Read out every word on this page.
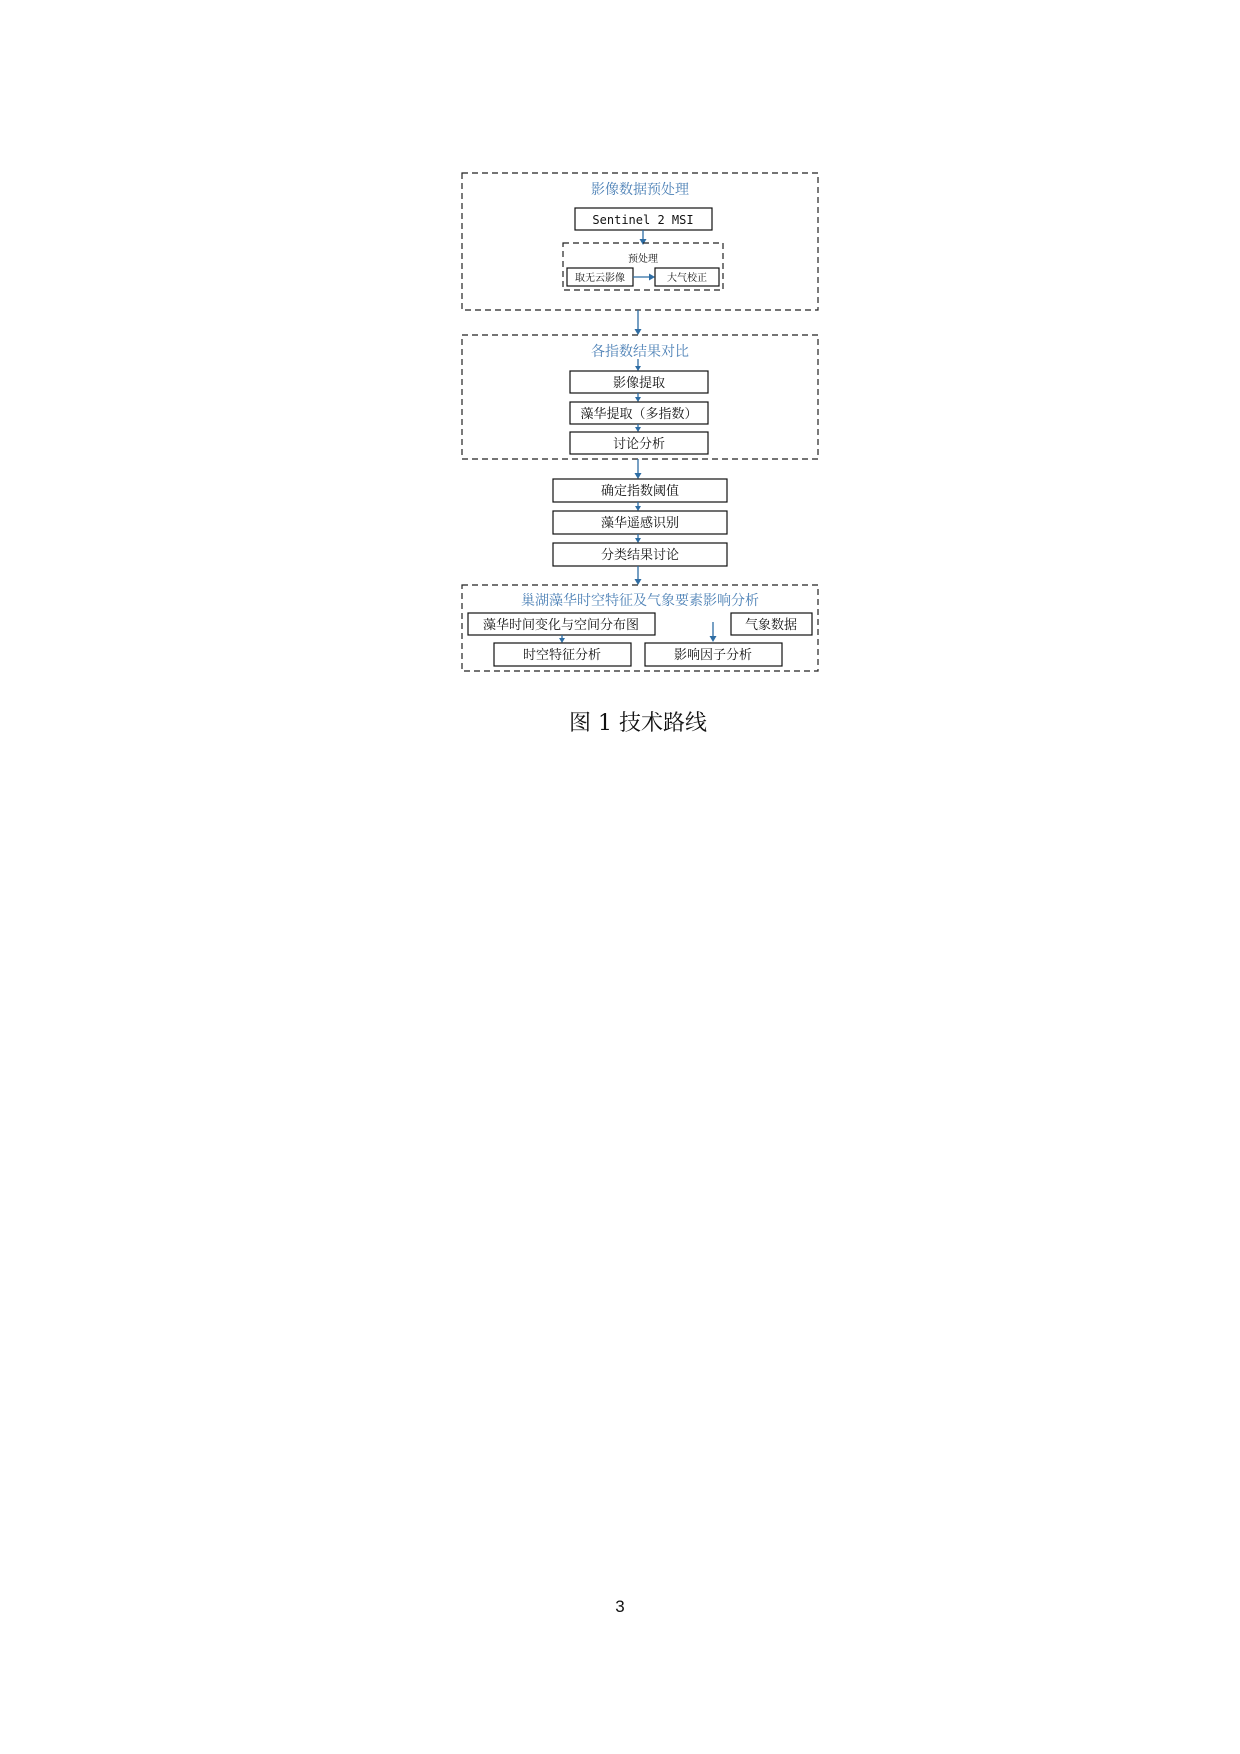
影像数据预处理
Sentinel 2 MSI
预处理
取无云影像	大气校正
各指数结果对比
影像提取
藻华提取（多指数）
讨论分析
确定指数阈值
藻华遥感识别
分类结果讨论
巢湖藻华时空特征及气象要素影响分析
藻华时间变化与空间分布图	气象数据
时空特征分析	影响因子分析
图 1 技术路线
3
